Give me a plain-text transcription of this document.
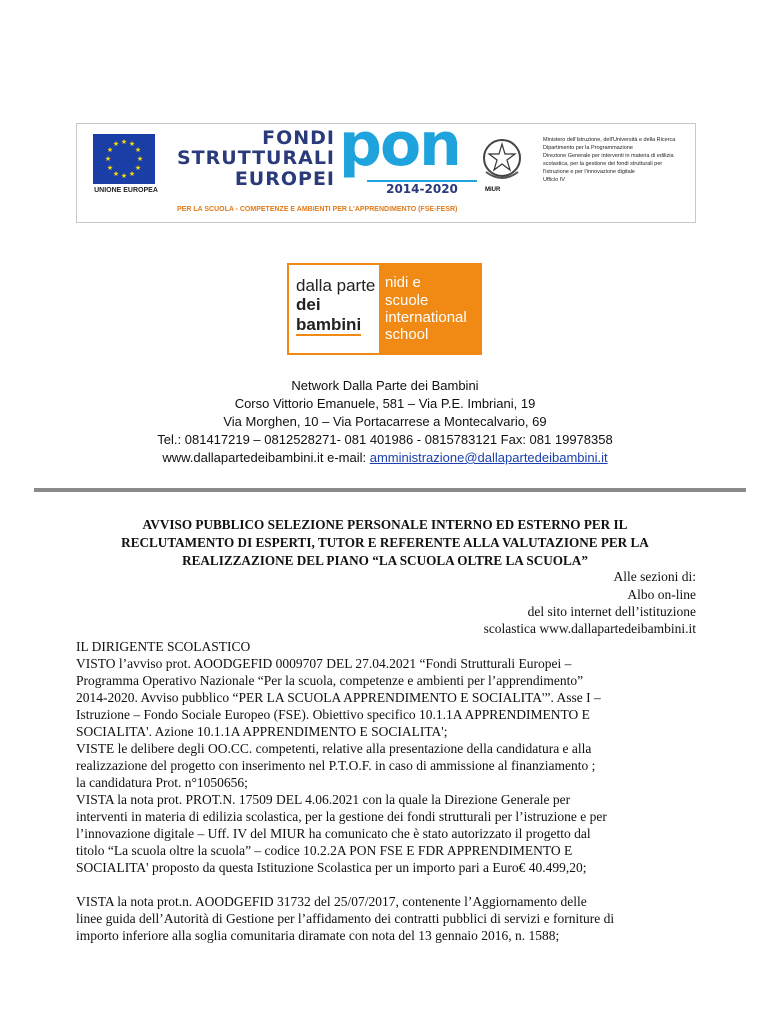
★ ★
★
★
★
★
★
★
★
★
★
★
UNIONE EUROPEA
FONDI
STRUTTURALI
EUROPEI pon
2014-2020	MIUR
Ministero dell'Istruzione, dell'Università e della Ricerca
Dipartimento per la Programmazione
Direzione Generale per interventi in materia di edilizia
scolastica, per la gestione dei fondi strutturali per
l'istruzione e per l'innovazione digitale
Ufficio IV
PER LA SCUOLA - COMPETENZE E AMBIENTI PER L'APPRENDIMENTO (FSE-FESR)
dalla parte
dei
bambini
nidi e
scuole
international
school
Network Dalla Parte dei Bambini
Corso Vittorio Emanuele, 581 – Via P.E. Imbriani, 19
Via Morghen, 10 – Via Portacarrese a Montecalvario, 69
Tel.: 081417219 – 0812528271- 081 401986 - 0815783121 Fax: 081 19978358
www.dallapartedeibambini.it e-mail: amministrazione@dallapartedeibambini.it
AVVISO PUBBLICO SELEZIONE PERSONALE INTERNO ED ESTERNO PER IL
RECLUTAMENTO DI ESPERTI, TUTOR E REFERENTE ALLA VALUTAZIONE PER LA
REALIZZAZIONE DEL PIANO “LA SCUOLA OLTRE LA SCUOLA”
Alle sezioni di:
Albo on-line
del sito internet dell’istituzione
scolastica www.dallapartedeibambini.it
IL DIRIGENTE SCOLASTICO
VISTO l’avviso prot. AOODGEFID 0009707 DEL 27.04.2021 “Fondi Strutturali Europei –
Programma Operativo Nazionale “Per la scuola, competenze e ambienti per l’apprendimento”
2014-2020. Avviso pubblico “PER LA SCUOLA APPRENDIMENTO E SOCIALITA'”. Asse I –
Istruzione – Fondo Sociale Europeo (FSE). Obiettivo specifico 10.1.1A APPRENDIMENTO E
SOCIALITA'. Azione 10.1.1A APPRENDIMENTO E SOCIALITA';
VISTE le delibere degli OO.CC. competenti, relative alla presentazione della candidatura e alla
realizzazione del progetto con inserimento nel P.T.O.F. in caso di ammissione al finanziamento ;
la candidatura Prot. n°1050656;
VISTA la nota prot. PROT.N. 17509 DEL 4.06.2021 con la quale la Direzione Generale per
interventi in materia di edilizia scolastica, per la gestione dei fondi strutturali per l’istruzione e per
l’innovazione digitale – Uff. IV del MIUR ha comunicato che è stato autorizzato il progetto dal
titolo “La scuola oltre la scuola” – codice 10.2.2A PON FSE E FDR APPRENDIMENTO E
SOCIALITA' proposto da questa Istituzione Scolastica per un importo pari a Euro€ 40.499,20;
VISTA la nota prot.n. AOODGEFID 31732 del 25/07/2017, contenente l’Aggiornamento delle
linee guida dell’Autorità di Gestione per l’affidamento dei contratti pubblici di servizi e forniture di
importo inferiore alla soglia comunitaria diramate con nota del 13 gennaio 2016, n. 1588;
